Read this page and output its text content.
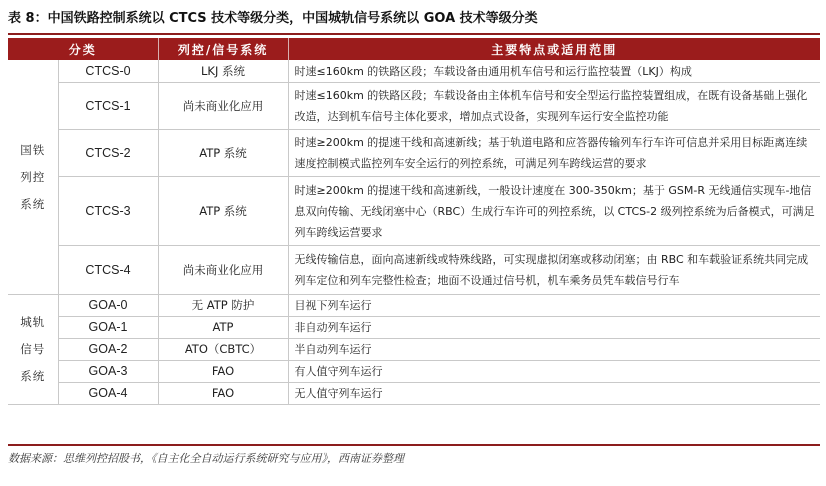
表 8：中国铁路控制系统以 CTCS 技术等级分类，中国城轨信号系统以 GOA 技术等级分类
分类		列控/信号系统	主要特点或适用范围

国铁
列控
系统	CTCS-0	LKJ 系统	时速≤160km 的铁路区段；车载设备由通用机车信号和运行监控装置（LKJ）构成
	CTCS-1	尚未商业化应用	时速≤160km 的铁路区段；车载设备由主体机车信号和安全型运行监控装置组成，在既有设备基础上强化改造，达到机车信号主体化要求，增加点式设备，实现列车运行安全监控功能
	CTCS-2	ATP 系统	时速≥200km 的提速干线和高速新线；基于轨道电路和应答器传输列车行车许可信息并采用目标距离连续速度控制模式监控列车安全运行的列控系统，可满足列车跨线运营的要求
	CTCS-3	ATP 系统	时速≥200km 的提速干线和高速新线，一般设计速度在 300-350km；基于 GSM-R 无线通信实现车-地信息双向传输、无线闭塞中心（RBC）生成行车许可的列控系统，以 CTCS-2 级列控系统为后备模式，可满足列车跨线运营要求
	CTCS-4	尚未商业化应用	无线传输信息，面向高速新线或特殊线路，可实现虚拟闭塞或移动闭塞；由 RBC 和车载验证系统共同完成列车定位和列车完整性检查；地面不设通过信号机，机车乘务员凭车载信号行车

城轨
信号
系统	GOA-0	无 ATP 防护	目视下列车运行
	GOA-1	ATP	非自动列车运行
	GOA-2	ATO（CBTC）	半自动列车运行
	GOA-3	FAO	有人值守列车运行
	GOA-4	FAO	无人值守列车运行
数据来源：思维列控招股书，《自主化全自动运行系统研究与应用》，西南证券整理
